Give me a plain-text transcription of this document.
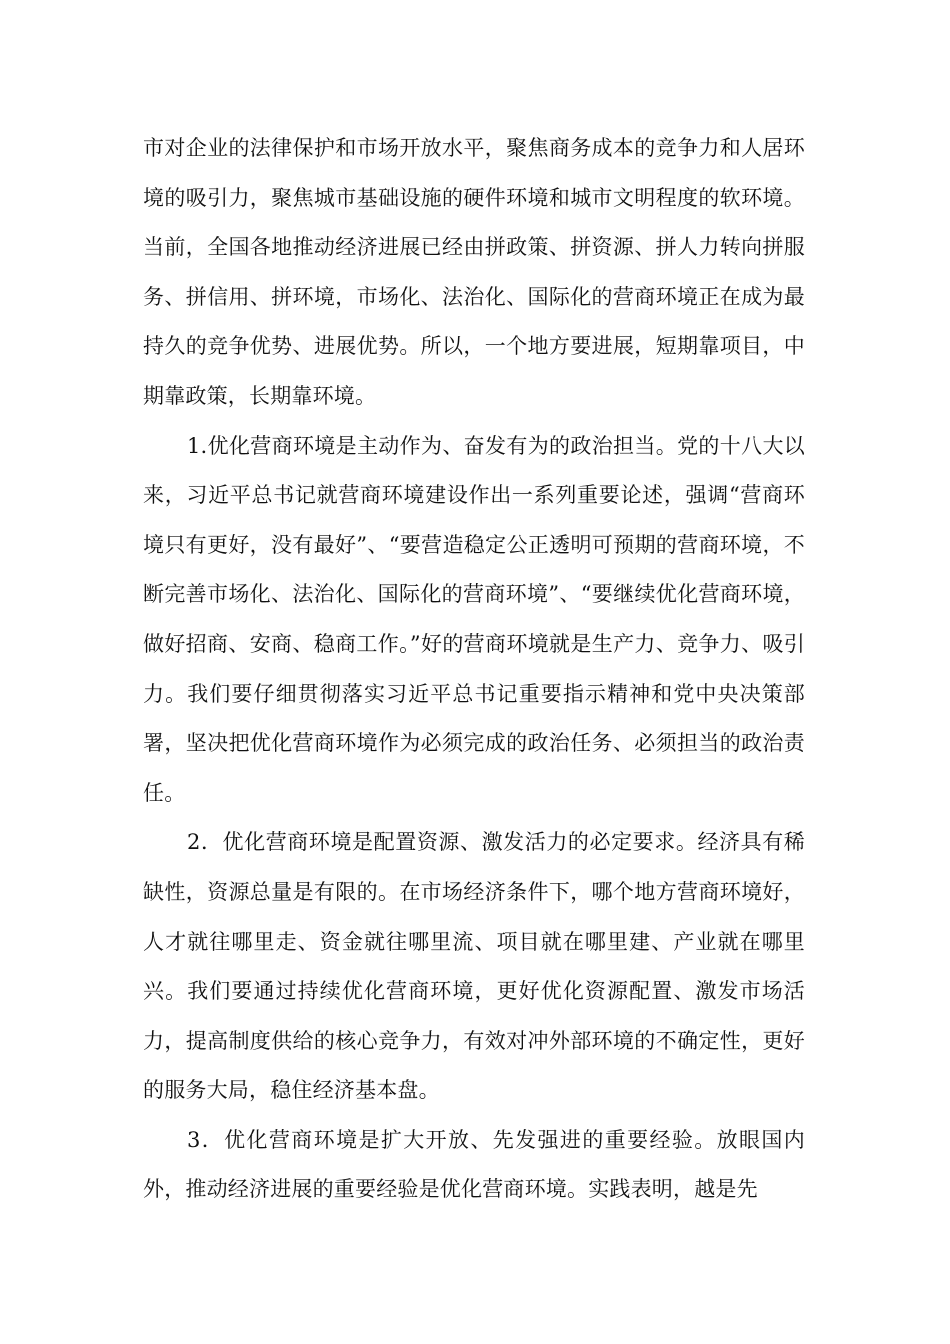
市对企业的法律保护和市场开放水平，聚焦商务成本的竞争力和人居环境的吸引力，聚焦城市基础设施的硬件环境和城市文明程度的软环境。当前，全国各地推动经济进展已经由拼政策、拼资源、拼人力转向拼服务、拼信用、拼环境，市场化、法治化、国际化的营商环境正在成为最持久的竞争优势、进展优势。所以，一个地方要进展，短期靠项目，中期靠政策，长期靠环境。

1.优化营商环境是主动作为、奋发有为的政治担当。党的十八大以来，习近平总书记就营商环境建设作出一系列重要论述，强调“营商环境只有更好，没有最好”、“要营造稳定公正透明可预期的营商环境，不断完善市场化、法治化、国际化的营商环境”、“要继续优化营商环境，做好招商、安商、稳商工作。”好的营商环境就是生产力、竞争力、吸引力。我们要仔细贯彻落实习近平总书记重要指示精神和党中央决策部署，坚决把优化营商环境作为必须完成的政治任务、必须担当的政治责任。

2．优化营商环境是配置资源、激发活力的必定要求。经济具有稀缺性，资源总量是有限的。在市场经济条件下，哪个地方营商环境好，人才就往哪里走、资金就往哪里流、项目就在哪里建、产业就在哪里兴。我们要通过持续优化营商环境，更好优化资源配置、激发市场活力，提高制度供给的核心竞争力，有效对冲外部环境的不确定性，更好的服务大局，稳住经济基本盘。

3．优化营商环境是扩大开放、先发强进的重要经验。放眼国内外，推动经济进展的重要经验是优化营商环境。实践表明，越是先
